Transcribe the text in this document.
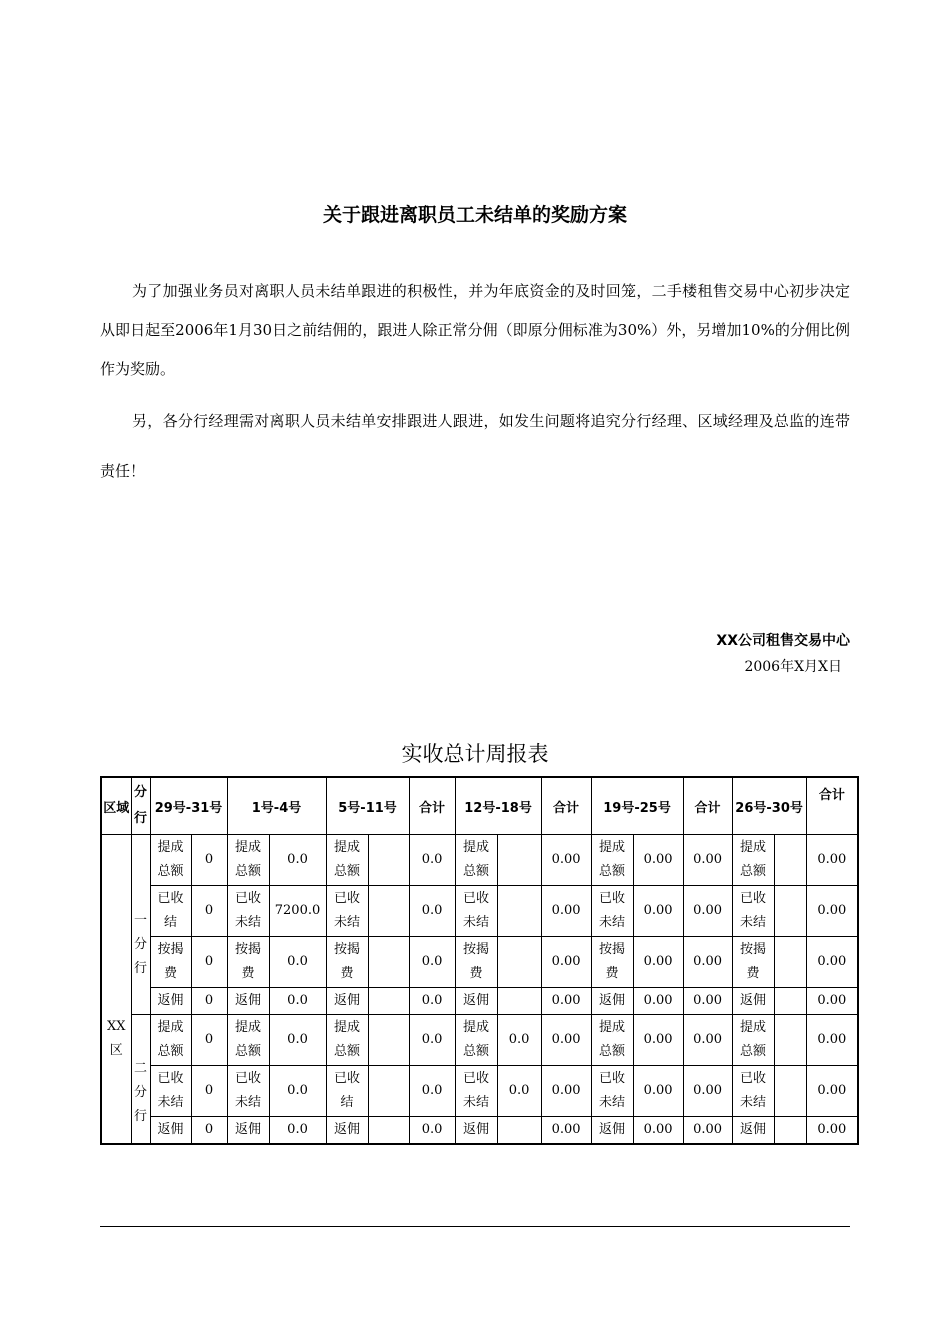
关于跟进离职员工未结单的奖励方案
为了加强业务员对离职人员未结单跟进的积极性，并为年底资金的及时回笼，二手楼租售交易中心初步决定从即日起至2006年1月30日之前结佣的，跟进人除正常分佣（即原分佣标准为30%）外，另增加10%的分佣比例作为奖励。
另，各分行经理需对离职人员未结单安排跟进人跟进，如发生问题将追究分行经理、区域经理及总监的连带责任！
XX公司租售交易中心
2006年X月X日
实收总计周报表
区域	分行	29号-31号		1号-4号		5号-11号		合计	12号-18号		合计	19号-25号		合计	26号-30号		合计
XX区	一分行	提成总额	0	提成总额	0.0	提成总额		0.0	提成总额		0.00	提成总额	0.00	0.00	提成总额		0.00
		已收结	0	已收未结	7200.0	已收未结		0.0	已收未结		0.00	已收未结	0.00	0.00	已收未结		0.00
		按揭费	0	按揭费	0.0	按揭费		0.0	按揭费		0.00	按揭费	0.00	0.00	按揭费		0.00
		返佣	0	返佣	0.0	返佣		0.0	返佣		0.00	返佣	0.00	0.00	返佣		0.00
	二分行	提成总额	0	提成总额	0.0	提成总额		0.0	提成总额	0.0	0.00	提成总额	0.00	0.00	提成总额		0.00
		已收未结	0	已收未结	0.0	已收结		0.0	已收未结	0.0	0.00	已收未结	0.00	0.00	已收未结		0.00
		返佣	0	返佣	0.0	返佣		0.0	返佣		0.00	返佣	0.00	0.00	返佣		0.00
